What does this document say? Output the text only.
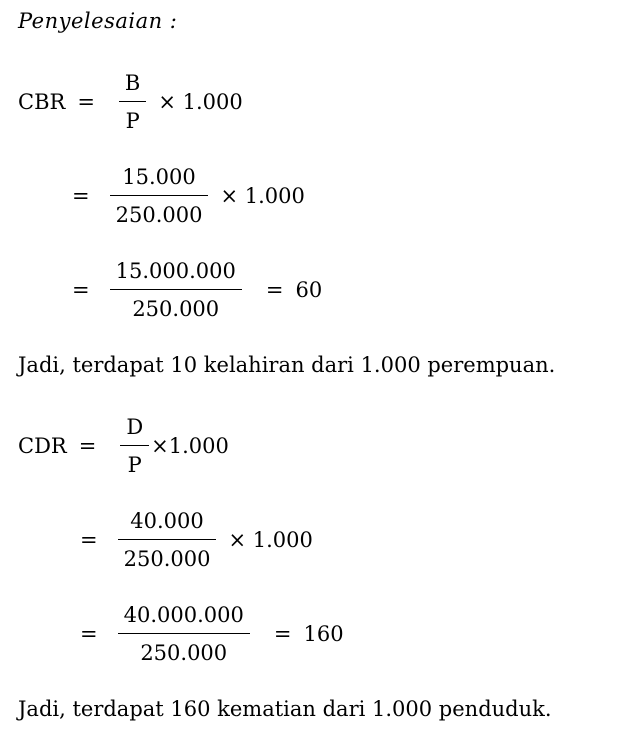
Penyelesaian :
CBR = $\frac{B}{P} \times 1.000$
= $\frac{15.000}{250.000} \times 1.000$
= $\frac{15.000.000}{250.000} = 60$
Jadi, terdapat 10 kelahiran dari 1.000 perempuan.
CDR = $\frac{D}{P} \times 1.000$
= $\frac{40.000}{250.000} \times 1.000$
= $\frac{40.000.000}{250.000} = 160$
Jadi, terdapat 160 kematian dari 1.000 penduduk.
